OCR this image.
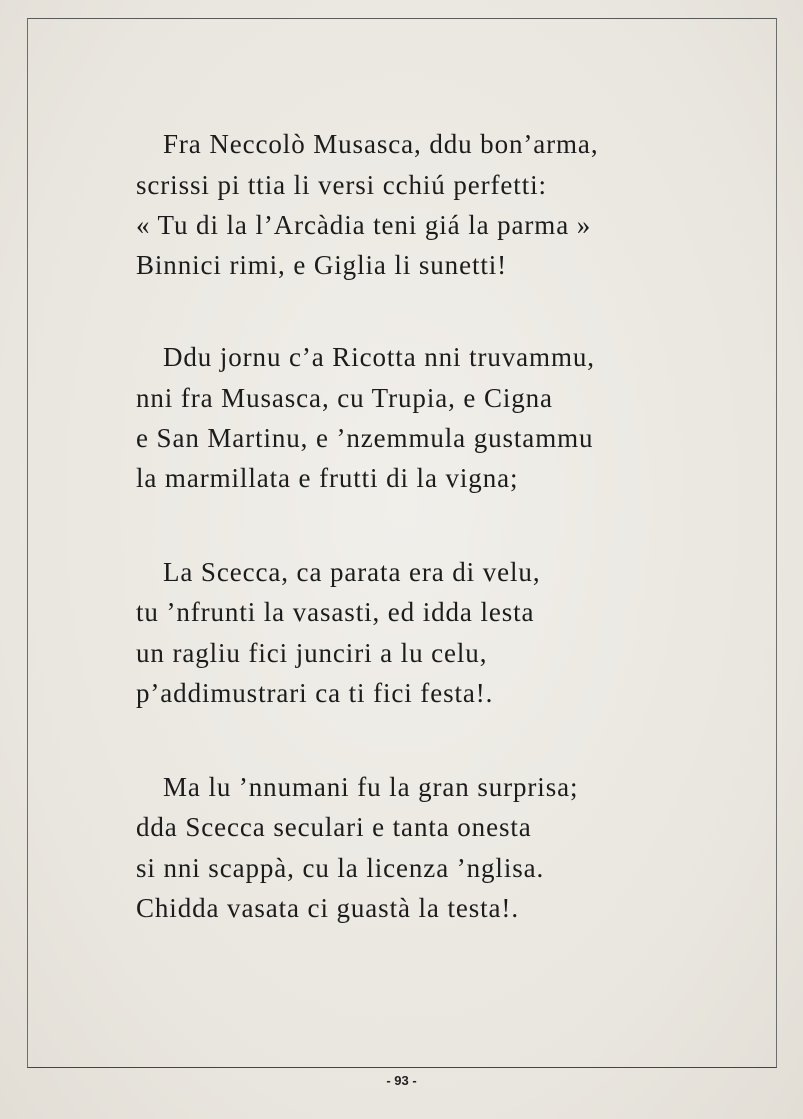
Fra Neccolò Musasca, ddu bon’arma,
scrissi pi ttia li versi cchiú perfetti:
« Tu di la l’Arcàdia teni giá la parma »
Binnici rimi, e Giglia li sunetti!
Ddu jornu c’a Ricotta nni truvammu,
nni fra Musasca, cu Trupia, e Cigna
e San Martinu, e ’nzemmula gustammu
la marmillata e frutti di la vigna;
La Scecca, ca parata era di velu,
tu ’nfrunti la vasasti, ed idda lesta
un ragliu fici junciri a lu celu,
p’addimustrari ca ti fici festa!.
Ma lu ’nnumani fu la gran surprisa;
dda Scecca seculari e tanta onesta
si nni scappà, cu la licenza ’nglisa.
Chidda vasata ci guastà la testa!.
- 93 -
